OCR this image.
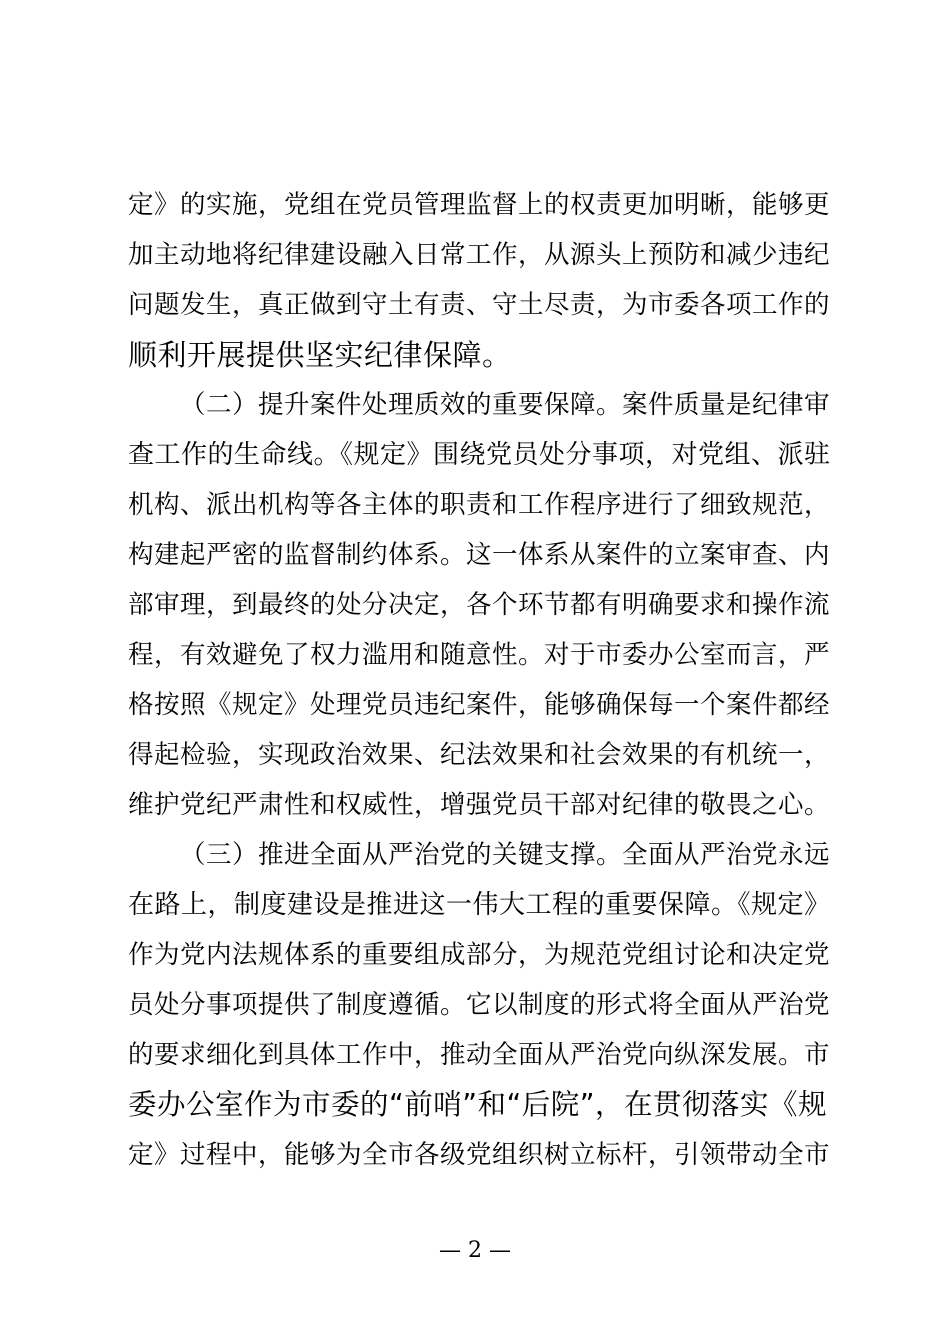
定》的实施，党组在党员管理监督上的权责更加明晰，能够更
加主动地将纪律建设融入日常工作，从源头上预防和减少违纪
问题发生，真正做到守土有责、守土尽责，为市委各项工作的
顺利开展提供坚实纪律保障。
（二）提升案件处理质效的重要保障。案件质量是纪律审
查工作的生命线。《规定》围绕党员处分事项，对党组、派驻
机构、派出机构等各主体的职责和工作程序进行了细致规范，
构建起严密的监督制约体系。这一体系从案件的立案审查、内
部审理，到最终的处分决定，各个环节都有明确要求和操作流
程，有效避免了权力滥用和随意性。对于市委办公室而言，严
格按照《规定》处理党员违纪案件，能够确保每一个案件都经
得起检验，实现政治效果、纪法效果和社会效果的有机统一，
维护党纪严肃性和权威性，增强党员干部对纪律的敬畏之心。
（三）推进全面从严治党的关键支撑。全面从严治党永远
在路上，制度建设是推进这一伟大工程的重要保障。《规定》
作为党内法规体系的重要组成部分，为规范党组讨论和决定党
员处分事项提供了制度遵循。它以制度的形式将全面从严治党
的要求细化到具体工作中，推动全面从严治党向纵深发展。市
委办公室作为市委的“前哨”和“后院”，在贯彻落实《规
定》过程中，能够为全市各级党组织树立标杆，引领带动全市
— 2 —
